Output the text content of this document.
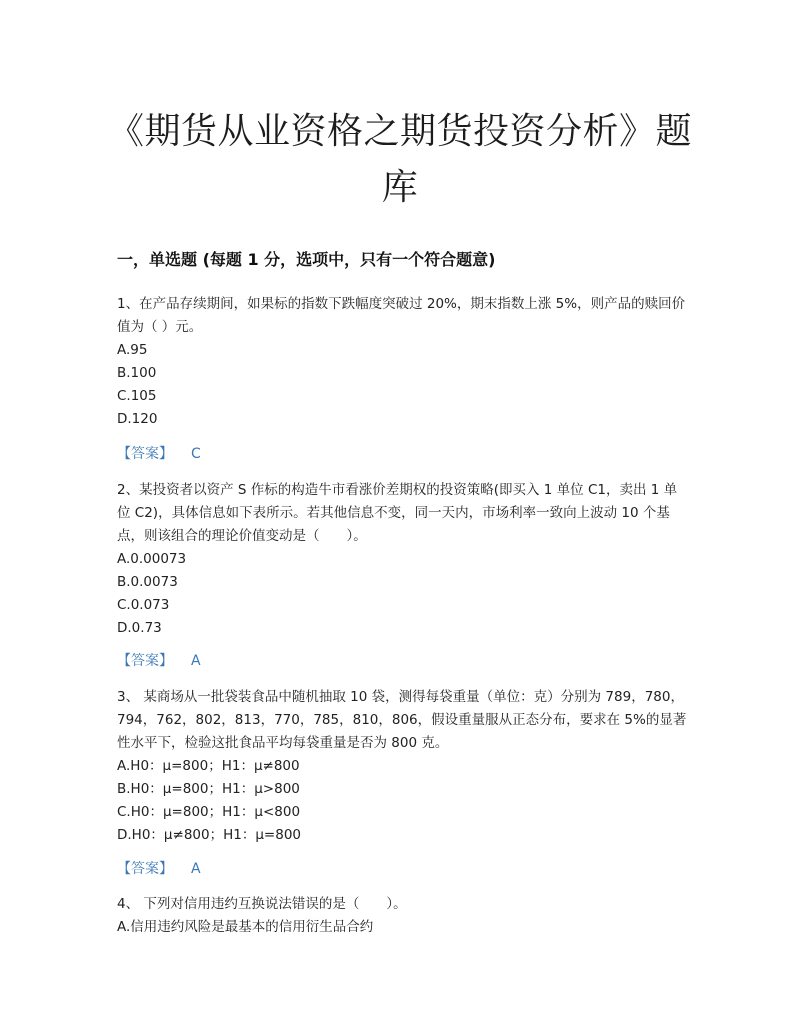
《期货从业资格之期货投资分析》题库
一，单选题 (每题 1 分，选项中，只有一个符合题意)

1、在产品存续期间，如果标的指数下跌幅度突破过 20%，期末指数上涨 5%，则产品的赎回价值为（ ）元。

A.95

B.100

C.105

D.120

【答案】 C

2、某投资者以资产 S 作标的构造牛市看涨价差期权的投资策略(即买入 1 单位 C1，卖出 1 单位 C2)，具体信息如下表所示。若其他信息不变，同一天内，市场利率一致向上波动 10 个基点，则该组合的理论价值变动是（　　）。

A.0.00073

B.0.0073

C.0.073

D.0.73

【答案】 A

3、 某商场从一批袋装食品中随机抽取 10 袋，测得每袋重量（单位：克）分别为 789，780，794，762，802，813，770，785，810，806，假设重量服从正态分布，要求在 5%的显著性水平下，检验这批食品平均每袋重量是否为 800 克。

A.H0：μ=800；H1：μ≠800

B.H0：μ=800；H1：μ>800

C.H0：μ=800；H1：μ<800

D.H0：μ≠800；H1：μ=800

【答案】 A

4、 下列对信用违约互换说法错误的是（　　）。

A.信用违约风险是最基本的信用衍生品合约
